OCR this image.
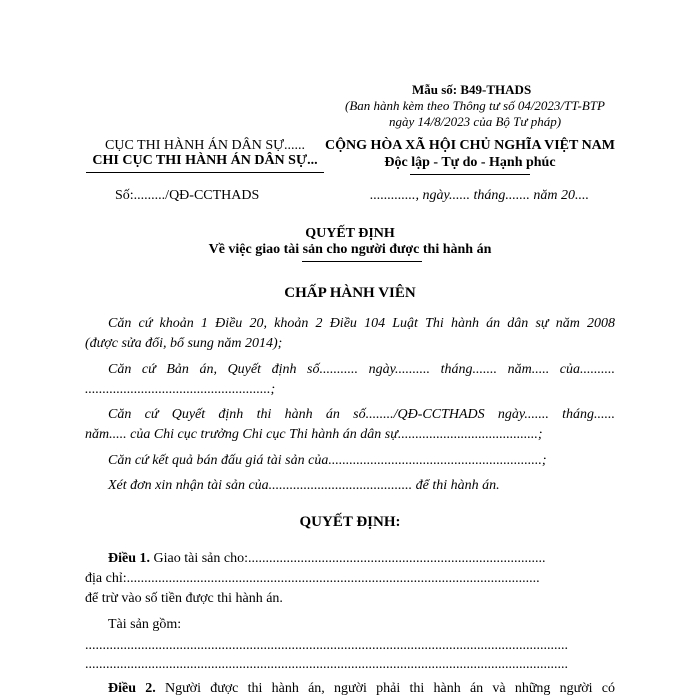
Mẫu số: B49-THADS
(Ban hành kèm theo Thông tư số 04/2023/TT-BTP
ngày 14/8/2023 của Bộ Tư pháp)
CỤC THI HÀNH ÁN DÂN SỰ......
CHI CỤC THI HÀNH ÁN DÂN SỰ...
CỘNG HÒA XÃ HỘI CHỦ NGHĨA VIỆT NAM
Độc lập - Tự do - Hạnh phúc
Số:........./QĐ-CCTHADS	............., ngày...... tháng....... năm 20....
QUYẾT ĐỊNH
Về việc giao tài sản cho người được thi hành án
CHẤP HÀNH VIÊN
Căn cứ khoản 1 Điều 20, khoản 2 Điều 104 Luật Thi hành án dân sự năm 2008
(được sửa đổi, bổ sung năm 2014);
Căn cứ Bản án, Quyết định số........... ngày.......... tháng....... năm..... của..........
.....................................................;
Căn cứ Quyết định thi hành án số......../QĐ-CCTHADS ngày....... tháng......
năm..... của Chi cục trưởng Chi cục Thi hành án dân sự........................................;
Căn cứ kết quả bán đấu giá tài sản của.............................................................;
Xét đơn xin nhận tài sản của......................................... để thi hành án.
QUYẾT ĐỊNH:
Điều 1. Giao tài sản cho:.....................................................................................
địa chỉ:......................................................................................................................
để trừ vào số tiền được thi hành án.
Tài sản gồm:
..........................................................................................................................................
..........................................................................................................................................
Điều 2. Người được thi hành án, người phải thi hành án và những người có
